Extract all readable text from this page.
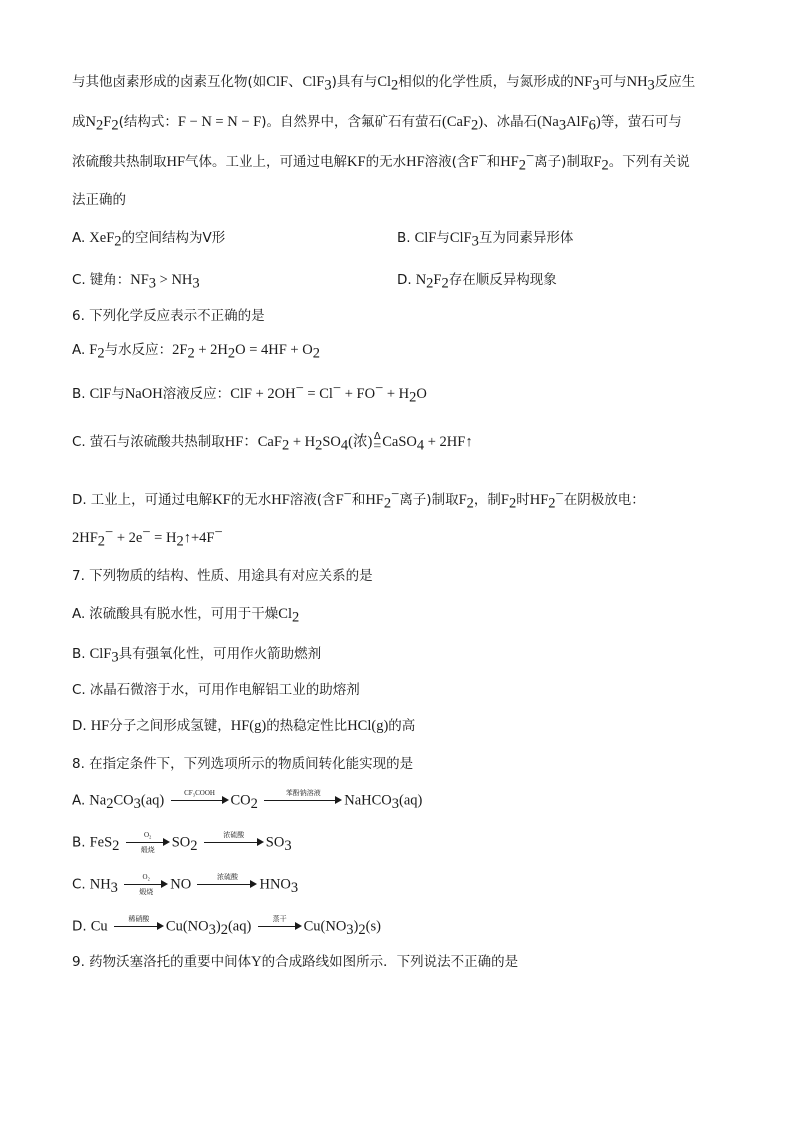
与其他卤素形成的卤素互化物(如ClF、ClF$_3$)具有与$Cl_2$相似的化学性质，与氮形成的$NF_3$可与$NH_3$反应生
成$N_2F_2$(结构式：F − N = N − F)。自然界中，含氟矿石有萤石(CaF$_2$)、冰晶石$(Na_3AlF_6)$等，萤石可与
浓硫酸共热制取HF气体。工业上，可通过电解KF的无水HF溶液(含F−和$HF_2^-$离子)制取$F_2$。下列有关说
法正确的
A. XeF$_2$的空间结构为V形	B. ClF与ClF$_3$互为同素异形体
C. 键角：$NF_3 > NH_3$	D. $N_2F_2$存在顺反异构现象
6. 下列化学反应表示不正确的是
A. $F_2$与水反应：$2F_2 + 2H_2O = 4HF + O_2$
B. ClF与NaOH溶液反应：ClF + $2OH^- = Cl^- + FO^- + H_2O$
C. 萤石与浓硫酸共热制取HF：$CaF_2 + H_2SO_4$(浓) Δ
= CaSO$_4$ + 2HF↑
D. 工业上，可通过电解KF的无水HF溶液(含F−和$HF_2^-$离子)制取$F_2$，制$F_2$时$HF_2^-$在阴极放电：
$2HF_2^- + 2e^-$ = $H_2↑+4F^-$
7. 下列物质的结构、性质、用途具有对应关系的是
A. 浓硫酸具有脱水性，可用于干燥$Cl_2$
B. ClF$_3$具有强氧化性，可用作火箭助燃剂
C. 冰晶石微溶于水，可用作电解铝工业的助熔剂
D. HF分子之间形成氢键，HF(g)的热稳定性比HCl(g)的高
8. 在指定条件下，下列选项所示的物质间转化能实现的是
A. $Na_2CO_3(aq)$	CF₃COOH $CO_2$
苯酚钠溶液 NaHCO$_3$(aq)
B. FeS$_2$
O₂
煅烧 $SO_2$
浓硫酸 $SO_3$
C. $NH_3$
O₂
煅烧 NO	浓硫酸 $HNO_3$
D. Cu	稀硝酸 $Cu(NO_3)_2(aq)$	蒸干 $Cu(NO_3)_2(s)$
9. 药物沃塞洛托的重要中间体Y的合成路线如图所示．下列说法不正确的是
